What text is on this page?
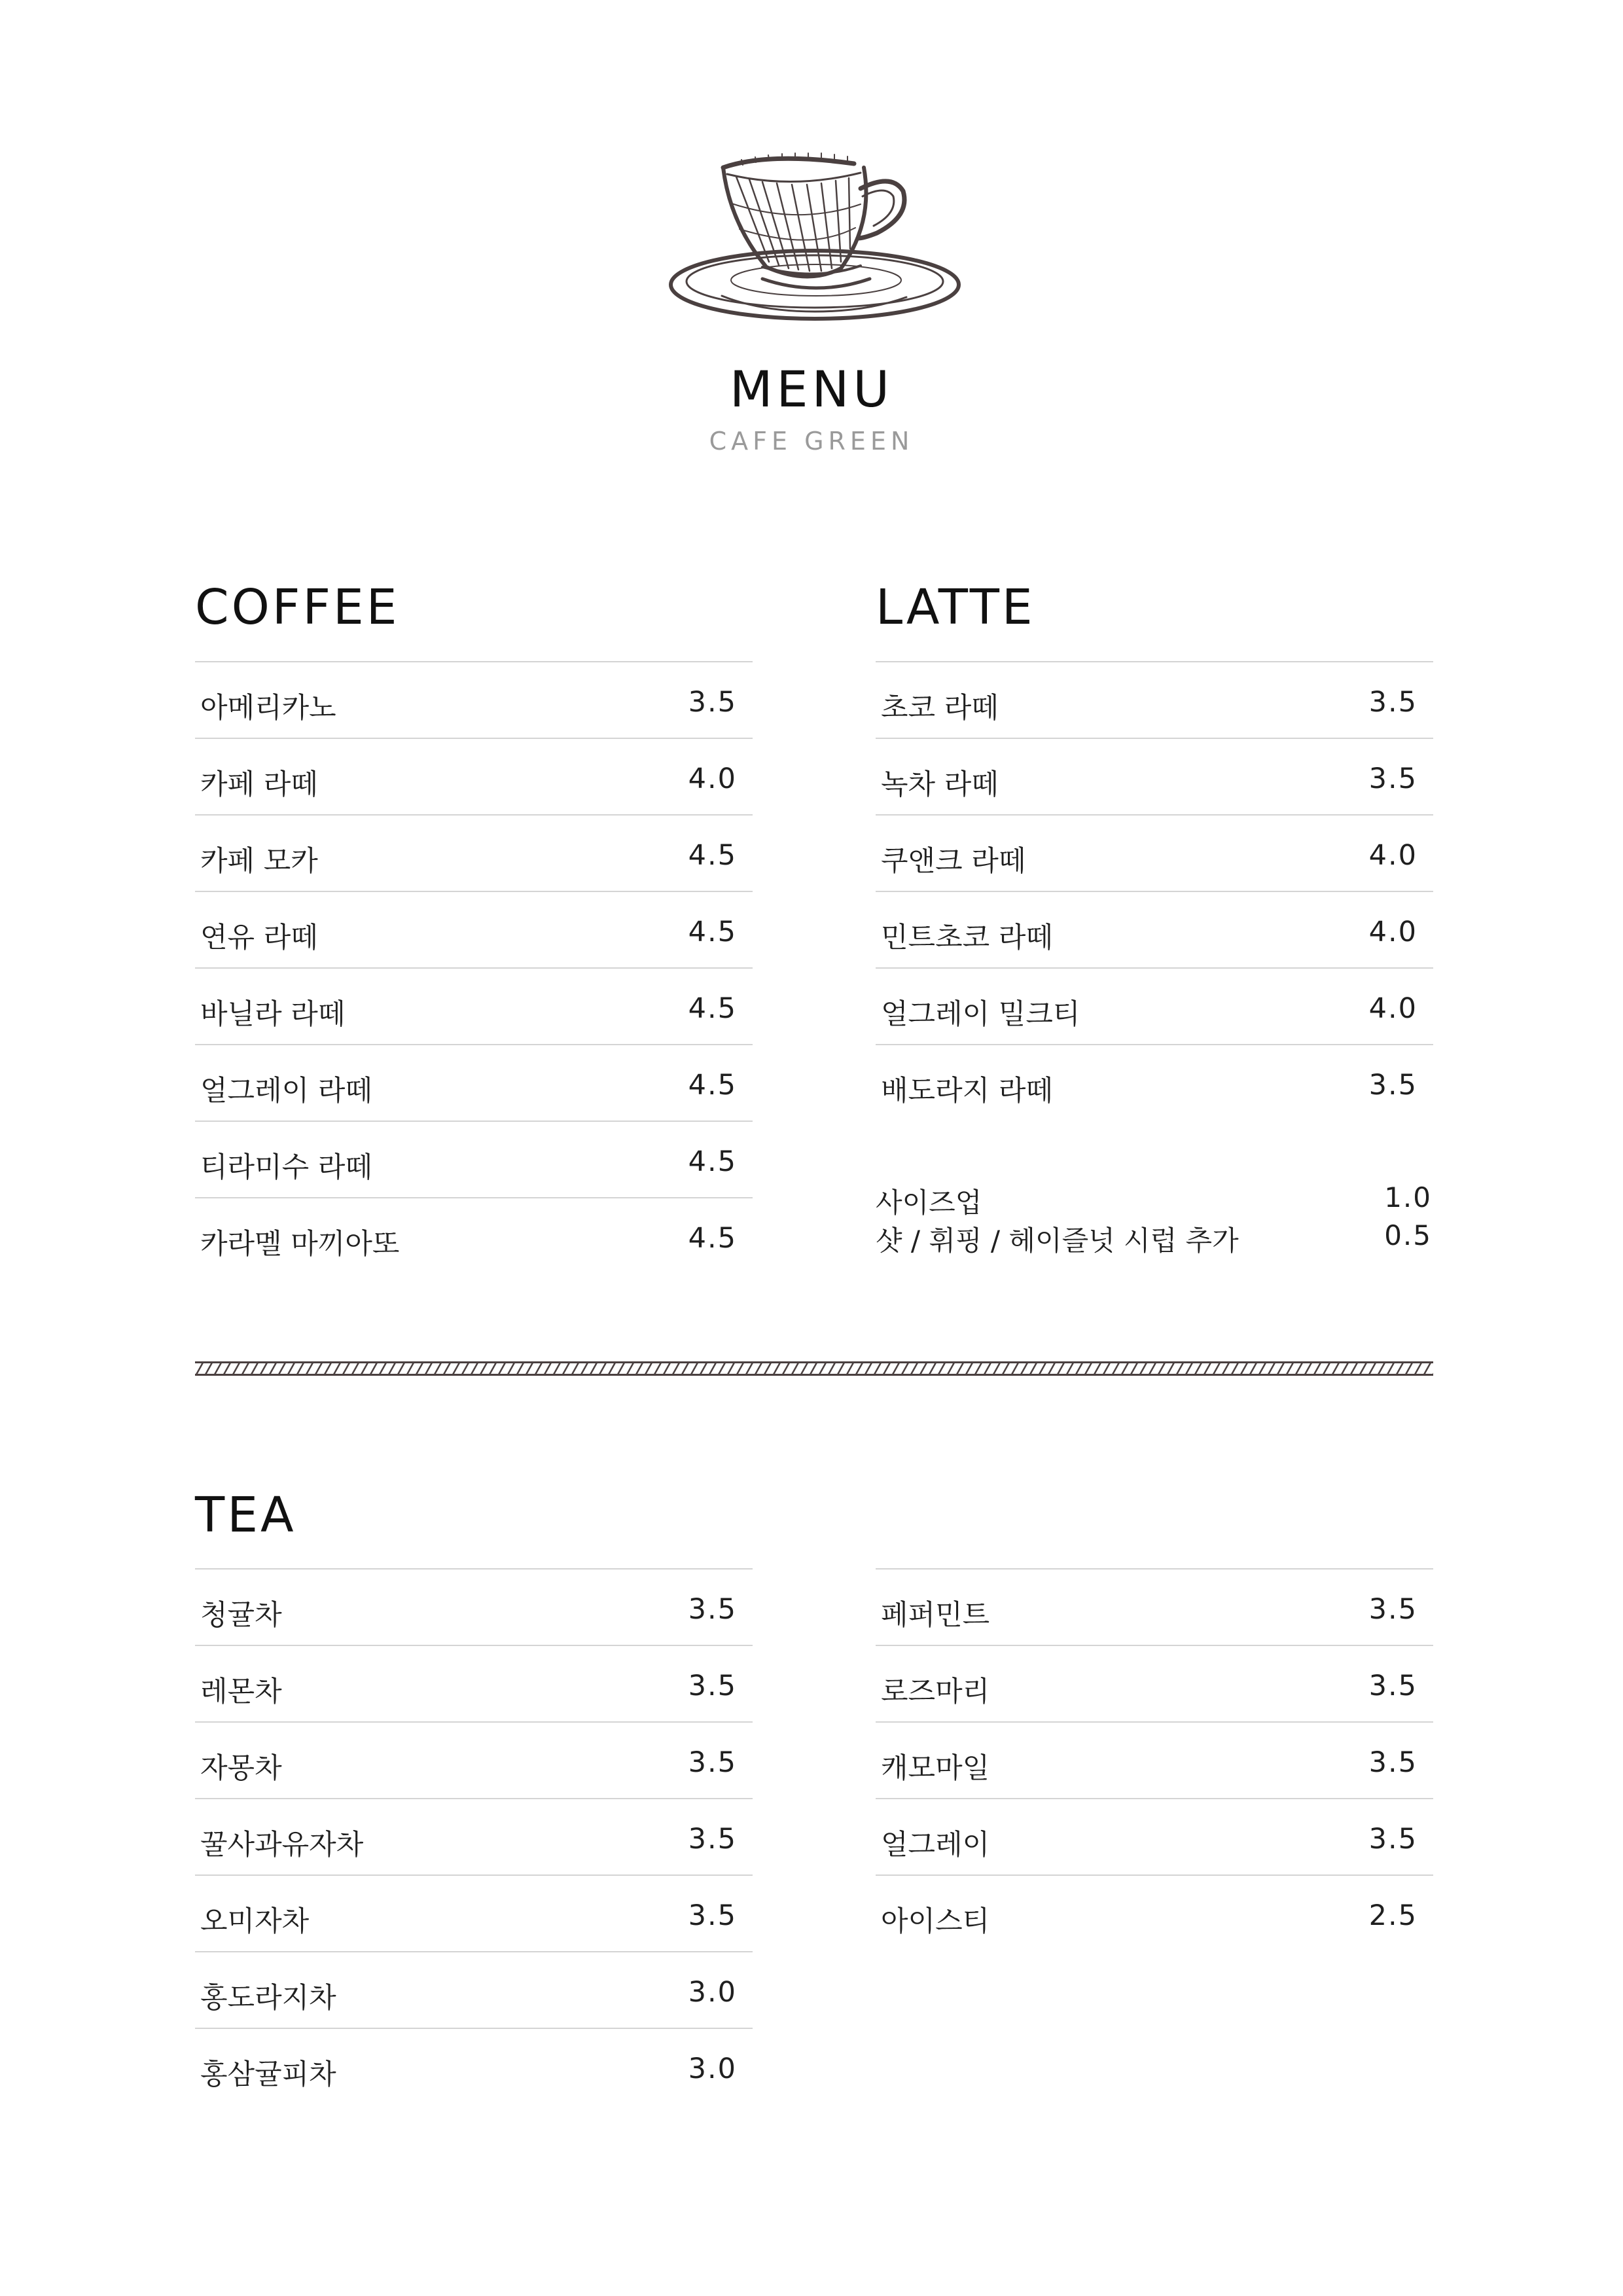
MENU
CAFE GREEN
COFFEE
아메리카노	3.5
카페 라떼	4.0
카페 모카	4.5
연유 라떼	4.5
바닐라 라떼	4.5
얼그레이 라떼	4.5
티라미수 라떼	4.5
카라멜 마끼아또	4.5
LATTE
초코 라떼	3.5
녹차 라떼	3.5
쿠앤크 라떼	4.0
민트초코 라떼	4.0
얼그레이 밀크티	4.0
배도라지 라떼	3.5
사이즈업	1.0
샷 / 휘핑 / 헤이즐넛 시럽 추가	0.5
TEA
청귤차	3.5
레몬차	3.5
자몽차	3.5
꿀사과유자차	3.5
오미자차	3.5
홍도라지차	3.0
홍삼귤피차	3.0
페퍼민트	3.5
로즈마리	3.5
캐모마일	3.5
얼그레이	3.5
아이스티	2.5
